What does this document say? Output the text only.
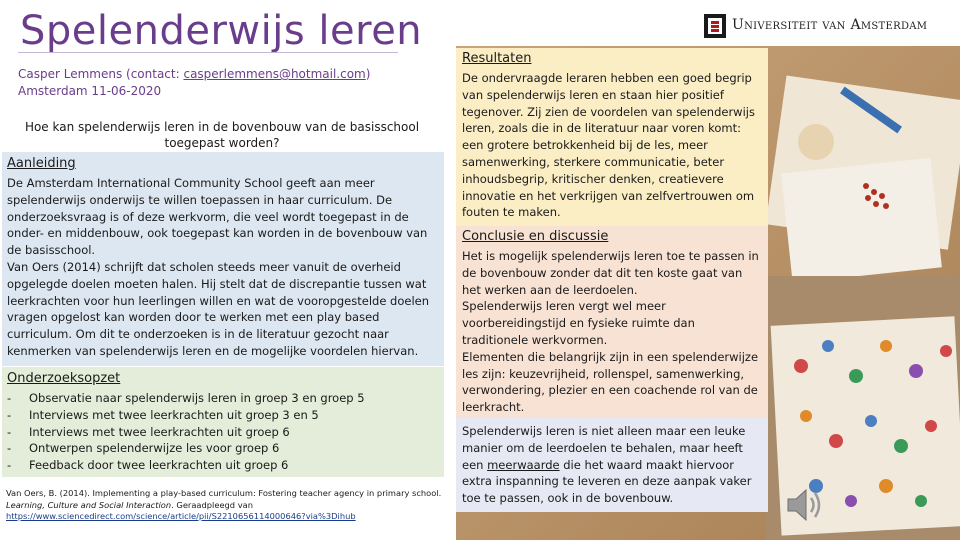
Spelenderwijs leren
Casper Lemmens (contact: casperlemmens@hotmail.com)
Amsterdam 11-06-2020
Hoe kan spelenderwijs leren in de bovenbouw van de basisschool toegepast worden?
Aanleiding
De Amsterdam International Community School geeft aan meer spelenderwijs onderwijs te willen toepassen in haar curriculum. De onderzoeksvraag is of deze werkvorm, die veel wordt toegepast in de onder- en middenbouw, ook toegepast kan worden in de bovenbouw van de basisschool.
Van Oers (2014) schrijft dat scholen steeds meer vanuit de overheid opgelegde doelen moeten halen. Hij stelt dat de discrepantie tussen wat leerkrachten voor hun leerlingen willen en wat de vooropgestelde doelen vragen opgelost kan worden door te werken met een play based curriculum. Om dit te onderzoeken is in de literatuur gezocht naar kenmerken van spelenderwijs leren en de mogelijke voordelen hiervan.
Onderzoeksopzet
-	Observatie naar spelenderwijs leren in groep 3 en groep 5
-	Interviews met twee leerkrachten uit groep 3 en 5
-	Interviews met twee leerkrachten uit groep 6
-	Ontwerpen spelenderwijze les voor groep 6
-	Feedback door twee leerkrachten uit groep 6
Van Oers, B. (2014). Implementing a play-based curriculum: Fostering teacher agency in primary school. Learning, Culture and Social Interaction. Geraadpleegd van
https://www.sciencedirect.com/science/article/pii/S2210656114000646?via%3Dihub
Universiteit van Amsterdam
Resultaten
De ondervraagde leraren hebben een goed begrip van spelenderwijs leren en staan hier positief tegenover. Zij zien de voordelen van spelenderwijs leren, zoals die in de literatuur naar voren komt: een grotere betrokkenheid bij de les, meer samenwerking, sterkere communicatie, beter inhoudsbegrip, kritischer denken, creatievere innovatie en het verkrijgen van zelfvertrouwen om fouten te maken.
Conclusie en discussie
Het is mogelijk spelenderwijs leren toe te passen in de bovenbouw zonder dat dit ten koste gaat van het werken aan de leerdoelen.
Spelenderwijs leren vergt wel meer voorbereidingstijd en fysieke ruimte dan traditionele werkvormen.
Elementen die belangrijk zijn in een spelenderwijze les zijn: keuzevrijheid, rollenspel, samenwerking, verwondering, plezier en een coachende rol van de leerkracht.
Spelenderwijs leren is niet alleen maar een leuke manier om de leerdoelen te behalen, maar heeft een meerwaarde die het waard maakt hiervoor extra inspanning te leveren en deze aanpak vaker toe te passen, ook in de bovenbouw.
